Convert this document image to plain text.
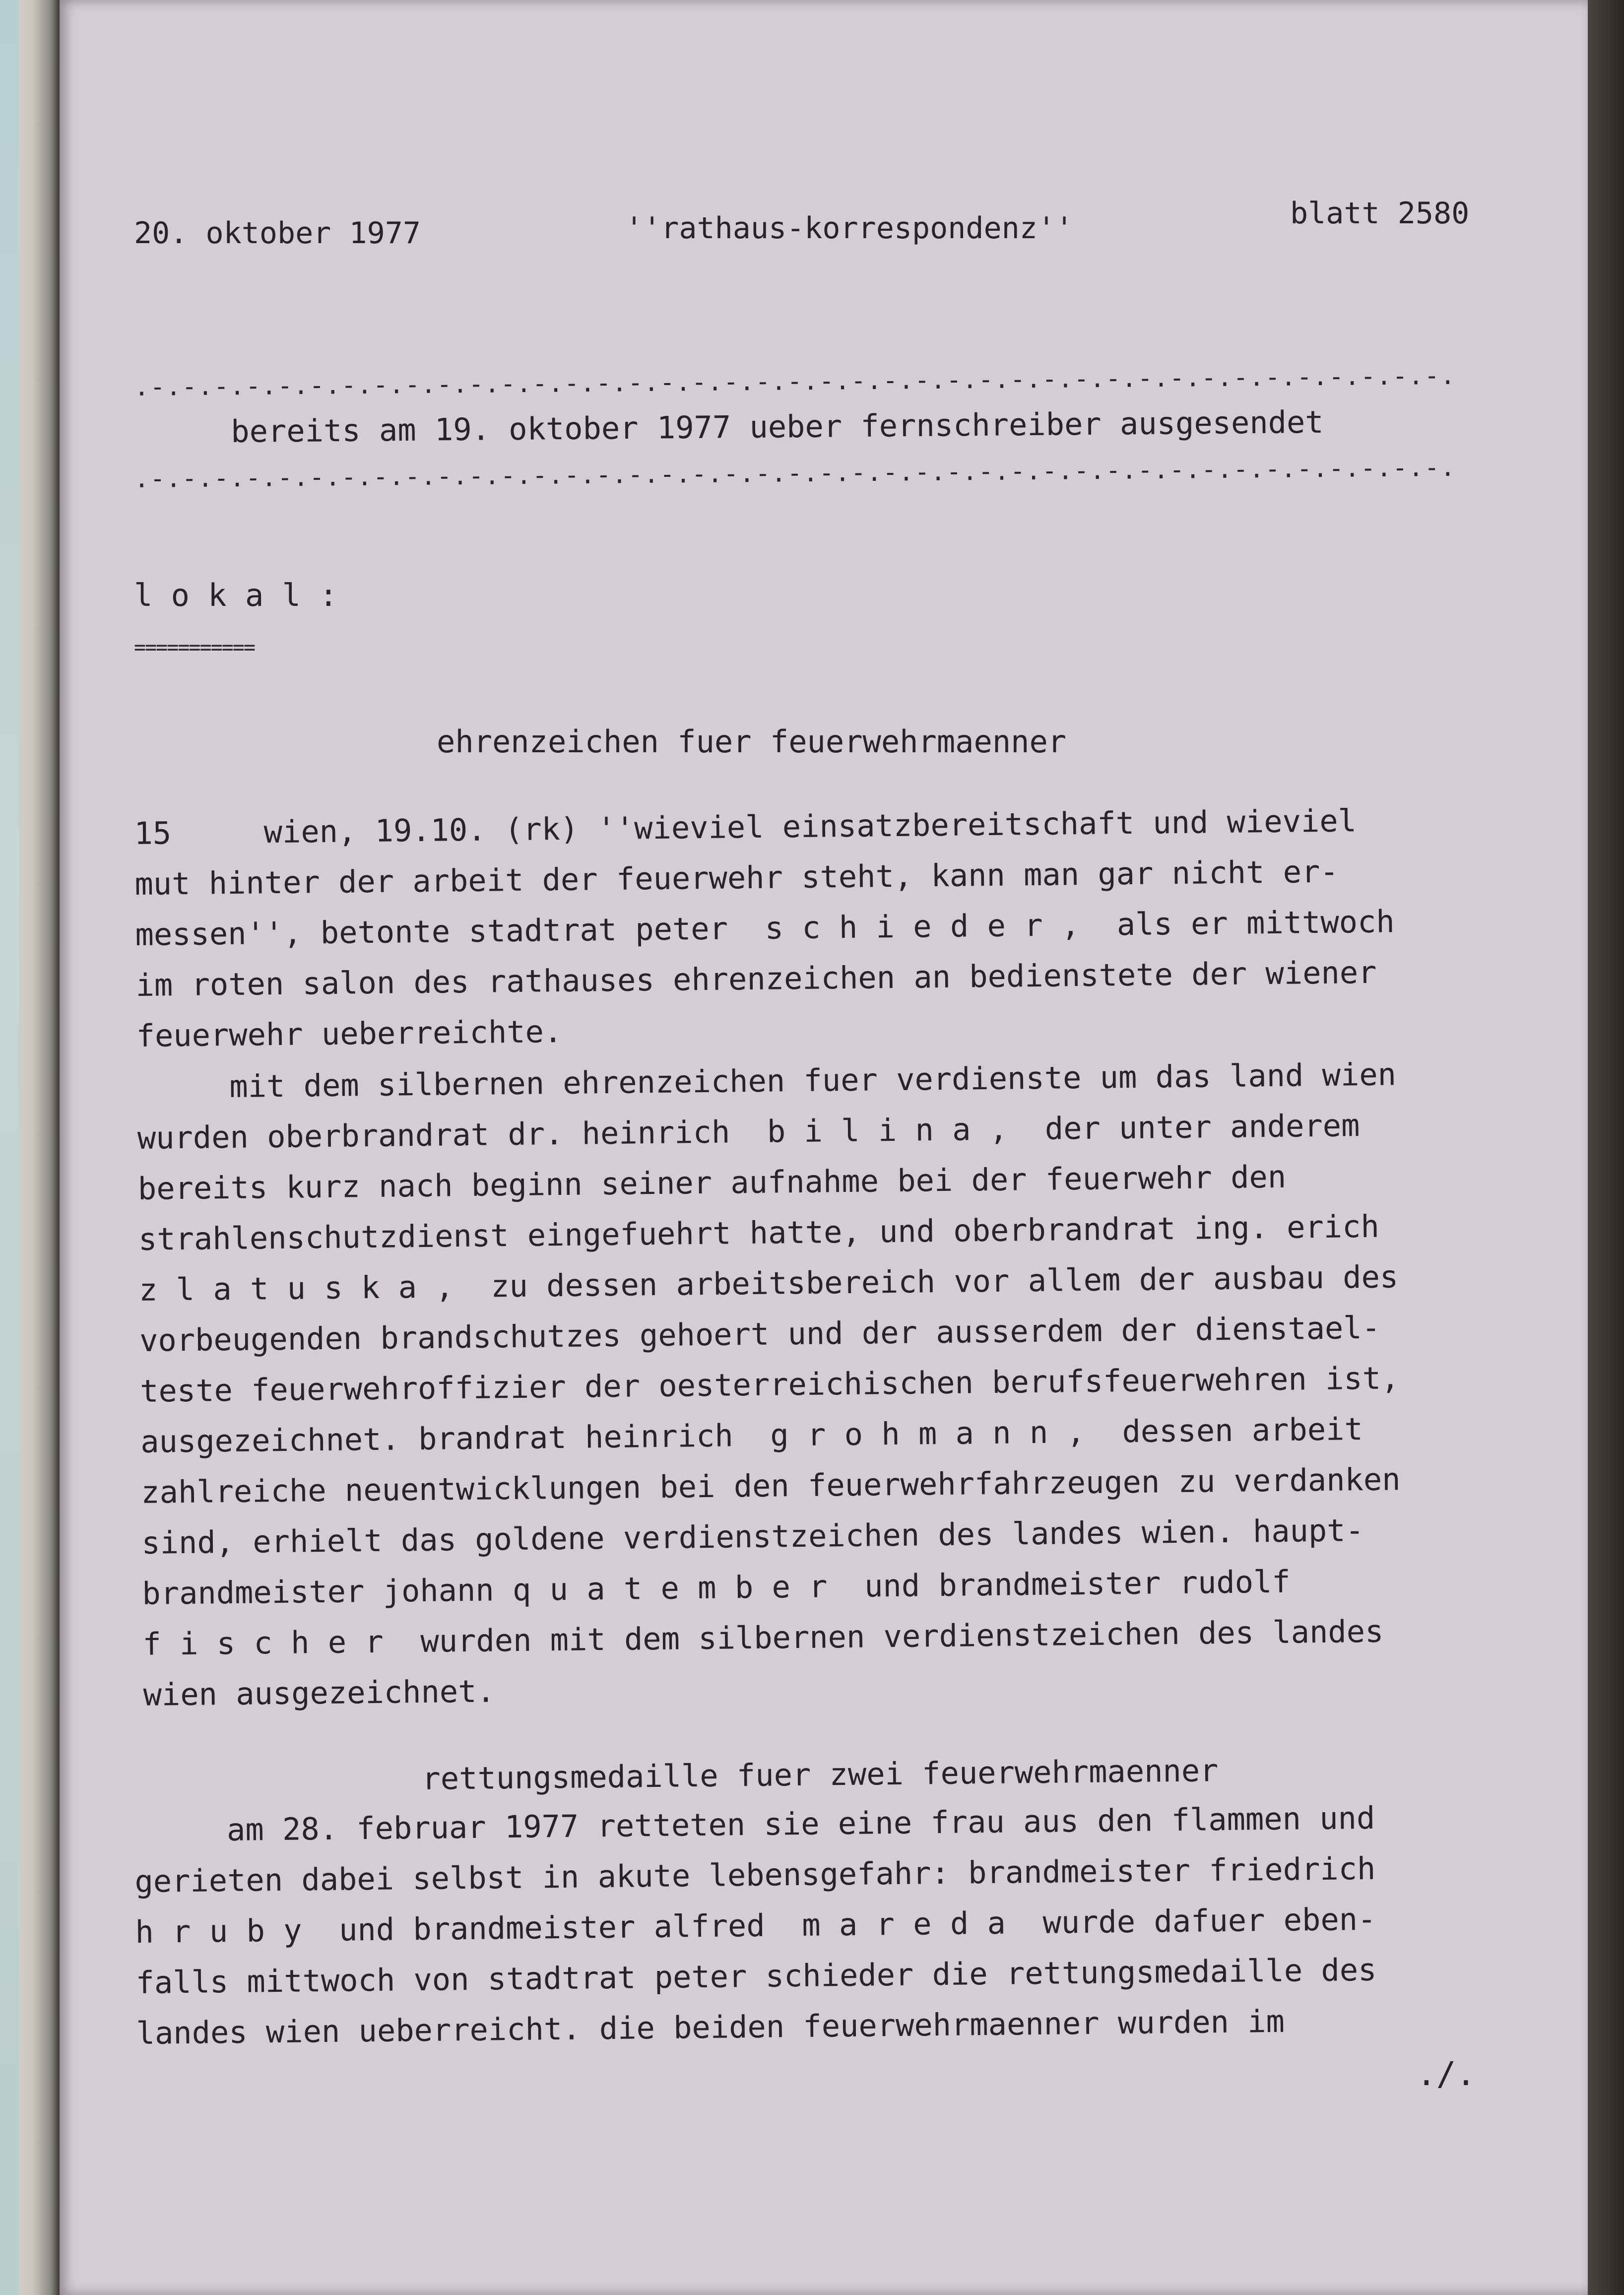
20. oktober 1977	''rathaus-korrespondenz''	blatt 2580
.-.-.-.-.-.-.-.-.-.-.-.-.-.-.-.-.-.-.-.-.-.-.-.-.-.-.-.-.-.-.-.-.-.-.-.-.-.-.-.-.-.
bereits am 19. oktober 1977 ueber fernschreiber ausgesendet
.-.-.-.-.-.-.-.-.-.-.-.-.-.-.-.-.-.-.-.-.-.-.-.-.-.-.-.-.-.-.-.-.-.-.-.-.-.-.-.-.-.
l o k a l :
===========
ehrenzeichen fuer feuerwehrmaenner
15     wien, 19.10. (rk) ''wieviel einsatzbereitschaft und wieviel
mut hinter der arbeit der feuerwehr steht, kann man gar nicht er-
messen'', betonte stadtrat peter  s c h i e d e r ,  als er mittwoch
im roten salon des rathauses ehrenzeichen an bedienstete der wiener
feuerwehr ueberreichte.
mit dem silbernen ehrenzeichen fuer verdienste um das land wien
wurden oberbrandrat dr. heinrich  b i l i n a ,  der unter anderem
bereits kurz nach beginn seiner aufnahme bei der feuerwehr den
strahlenschutzdienst eingefuehrt hatte, und oberbrandrat ing. erich
z l a t u s k a ,  zu dessen arbeitsbereich vor allem der ausbau des
vorbeugenden brandschutzes gehoert und der ausserdem der dienstael-
teste feuerwehroffizier der oesterreichischen berufsfeuerwehren ist,
ausgezeichnet. brandrat heinrich  g r o h m a n n ,  dessen arbeit
zahlreiche neuentwicklungen bei den feuerwehrfahrzeugen zu verdanken
sind, erhielt das goldene verdienstzeichen des landes wien. haupt-
brandmeister johann q u a t e m b e r  und brandmeister rudolf
f i s c h e r  wurden mit dem silbernen verdienstzeichen des landes
wien ausgezeichnet.
rettungsmedaille fuer zwei feuerwehrmaenner
am 28. februar 1977 retteten sie eine frau aus den flammen und
gerieten dabei selbst in akute lebensgefahr: brandmeister friedrich
h r u b y  und brandmeister alfred  m a r e d a  wurde dafuer eben-
falls mittwoch von stadtrat peter schieder die rettungsmedaille des
landes wien ueberreicht. die beiden feuerwehrmaenner wurden im
./.
